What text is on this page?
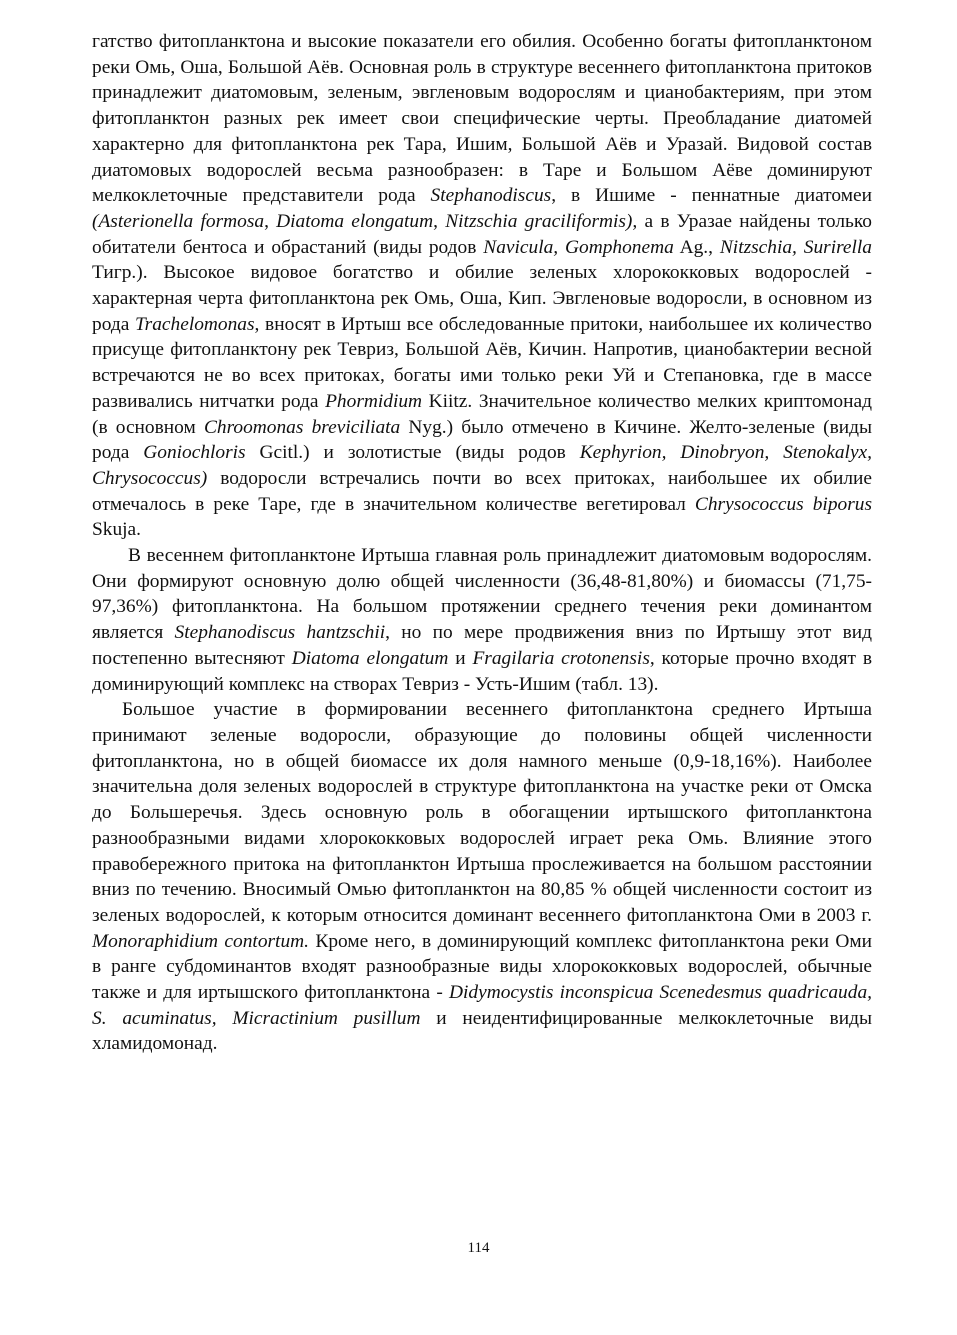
гатство фитопланктона и высокие показатели его обилия. Особенно богаты фитопланктоном реки Омь, Оша, Большой Аёв. Основная роль в структуре весеннего фитопланктона притоков принадлежит диатомовым, зеленым, эвгленовым водорослям и цианобактериям, при этом фитопланктон разных рек имеет свои специфические черты. Преобладание диатомей характерно для фитопланктона рек Тара, Ишим, Большой Аёв и Уразай. Видовой состав диатомовых водорослей весьма разнообразен: в Таре и Большом Аёве доминируют мелкоклеточные представители рода Stephanodiscus, в Ишиме - пеннатные диатомеи (Asterionella formosa, Diatoma elongatum, Nitzschia graciliformis), а в Уразае найдены только обитатели бентоса и обрастаний (виды родов Navicula, Gomphonema Ag., Nitzschia, Surirella Тигр.). Высокое видовое богатство и обилие зеленых хлорококковых водорослей - характерная черта фитопланктона рек Омь, Оша, Кип. Эвгленовые водоросли, в основном из рода Trachelomonas, вносят в Иртыш все обследованные притоки, наибольшее их количество присуще фитопланктону рек Тевриз, Большой Аёв, Кичин. Напротив, цианобактерии весной встречаются не во всех притоках, богаты ими только реки Уй и Степановка, где в массе развивались нитчатки рода Phormidium Kiitz. Значительное количество мелких криптомонад (в основном Chroomonas breviciliata Nyg.) было отмечено в Кичине. Желто-зеленые (виды рода Goniochloris Gcitl.) и золотистые (виды родов Kephyrion, Dinobryon, Stenokalyx, Chrysococcus) водоросли встречались почти во всех притоках, наибольшее их обилие отмечалось в реке Таре, где в значительном количестве вегетировал Chrysococcus biporus Skuja.

В весеннем фитопланктоне Иртыша главная роль принадлежит диатомовым водорослям. Они формируют основную долю общей численности (36,48-81,80%) и биомассы (71,75-97,36%) фитопланктона. На большом протяжении среднего течения реки доминантом является Stephanodiscus hantzschii, но по мере продвижения вниз по Иртышу этот вид постепенно вытесняют Diatoma elongatum и Fragilaria crotonensis, которые прочно входят в доминирующий комплекс на створах Тевриз - Усть-Ишим (табл. 13).

Большое участие в формировании весеннего фитопланктона среднего Иртыша принимают зеленые водоросли, образующие до половины общей численности фитопланктона, но в общей биомассе их доля намного меньше (0,9-18,16%). Наиболее значительна доля зеленых водорослей в структуре фитопланктона на участке реки от Омска до Большеречья. Здесь основную роль в обогащении иртышского фитопланктона разнообразными видами хлорококковых водорослей играет река Омь. Влияние этого правобережного притока на фитопланктон Иртыша прослеживается на большом расстоянии вниз по течению. Вносимый Омью фитопланктон на 80,85 % общей численности состоит из зеленых водорослей, к которым относится доминант весеннего фитопланктона Оми в 2003 г. Monoraphidium contortum. Кроме него, в доминирующий комплекс фитопланктона реки Оми в ранге субдоминантов входят разнообразные виды хлорококковых водорослей, обычные также и для иртышского фитопланктона - Didymocystis inconspicua Scenedesmus quadricauda, S. acuminatus, Micractinium pusillum и неидентифицированные мелкоклеточные виды хламидомонад.

114
